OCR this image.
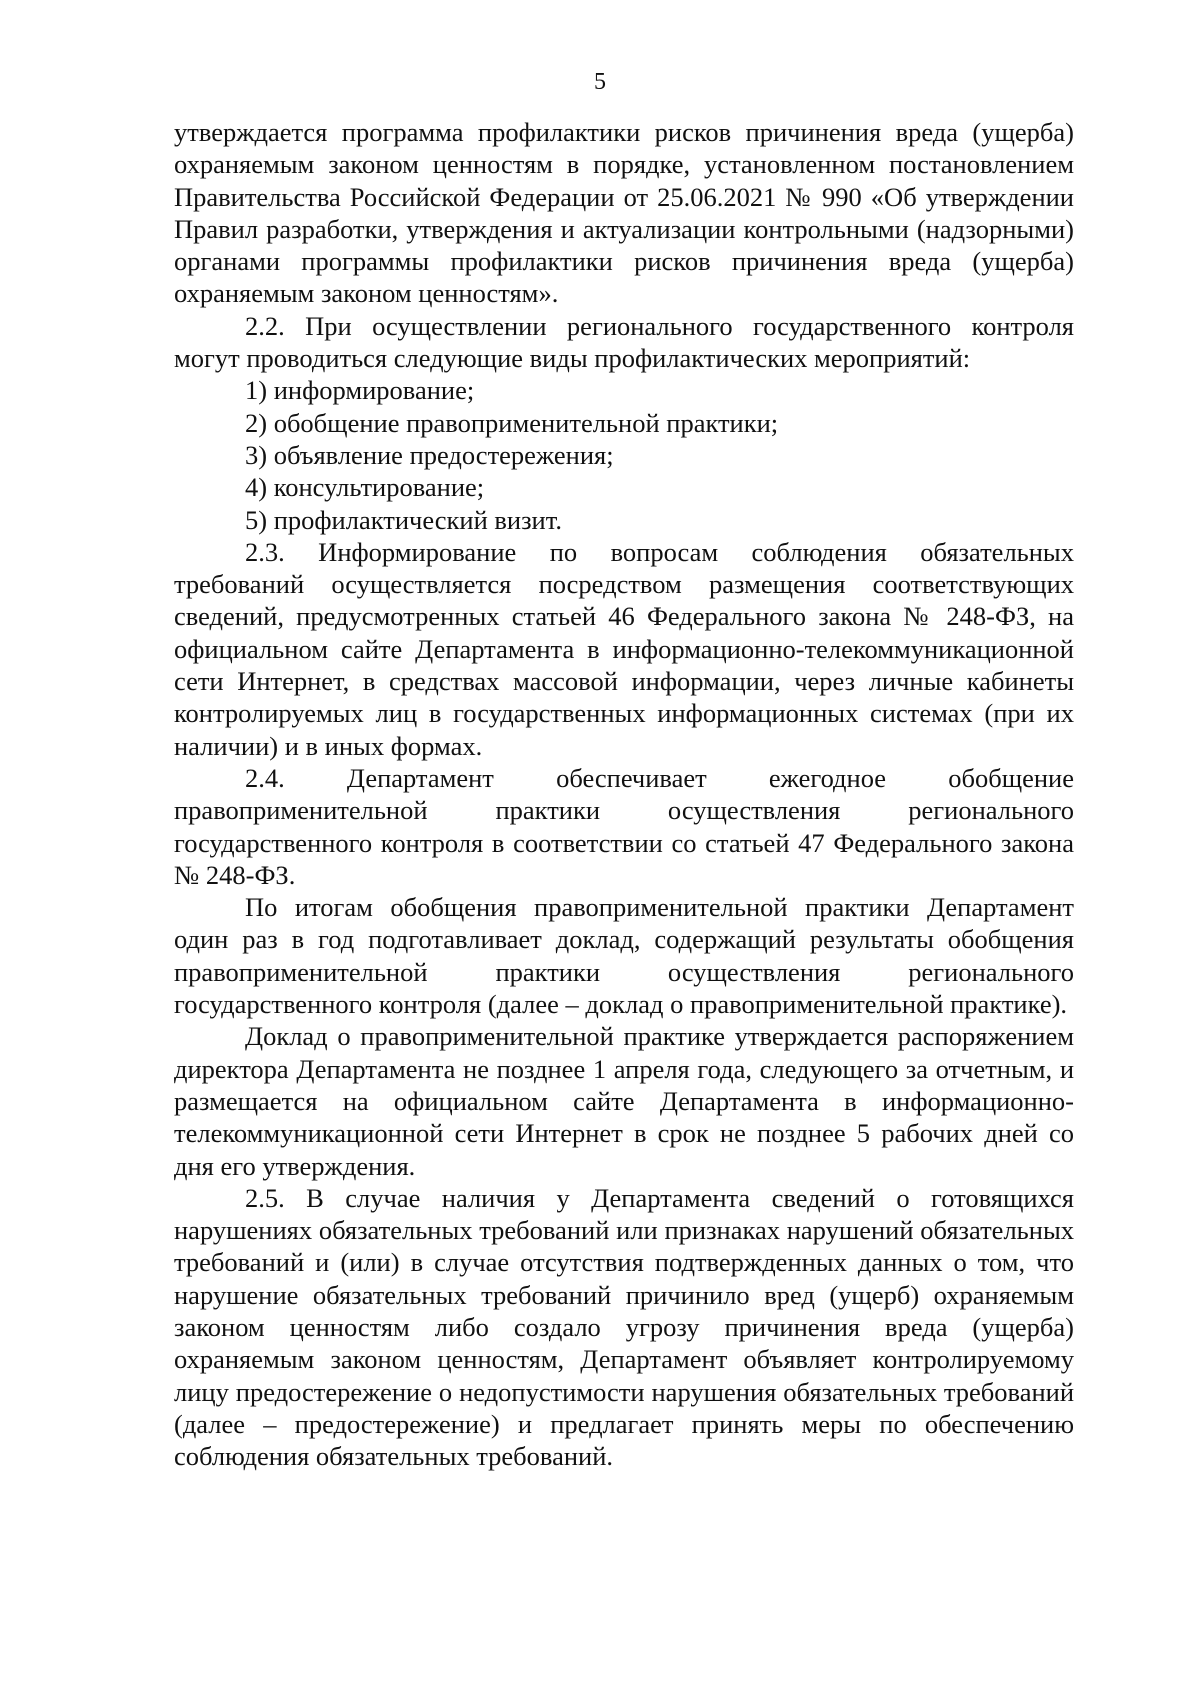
5

утверждается программа профилактики рисков причинения вреда (ущерба) охраняемым законом ценностям в порядке, установленном постановлением Правительства Российской Федерации от 25.06.2021 № 990 «Об утверждении Правил разработки, утверждения и актуализации контрольными (надзорными) органами программы профилактики рисков причинения вреда (ущерба) охраняемым законом ценностям».

2.2. При осуществлении регионального государственного контроля могут проводиться следующие виды профилактических мероприятий:

1) информирование;

2) обобщение правоприменительной практики;

3) объявление предостережения;

4) консультирование;

5) профилактический визит.

2.3. Информирование по вопросам соблюдения обязательных требований осуществляется посредством размещения соответствующих сведений, предусмотренных статьей 46 Федерального закона № 248-ФЗ, на официальном сайте Департамента в информационно-телекоммуникационной сети Интернет, в средствах массовой информации, через личные кабинеты контролируемых лиц в государственных информационных системах (при их наличии) и в иных формах.

2.4. Департамент обеспечивает ежегодное обобщение правоприменительной практики осуществления регионального государственного контроля в соответствии со статьей 47 Федерального закона № 248-ФЗ.

По итогам обобщения правоприменительной практики Департамент один раз в год подготавливает доклад, содержащий результаты обобщения правоприменительной практики осуществления регионального государственного контроля (далее – доклад о правоприменительной практике).

Доклад о правоприменительной практике утверждается распоряжением директора Департамента не позднее 1 апреля года, следующего за отчетным, и размещается на официальном сайте Департамента в информационно-телекоммуникационной сети Интернет в срок не позднее 5 рабочих дней со дня его утверждения.

2.5. В случае наличия у Департамента сведений о готовящихся нарушениях обязательных требований или признаках нарушений обязательных требований и (или) в случае отсутствия подтвержденных данных о том, что нарушение обязательных требований причинило вред (ущерб) охраняемым законом ценностям либо создало угрозу причинения вреда (ущерба) охраняемым законом ценностям, Департамент объявляет контролируемому лицу предостережение о недопустимости нарушения обязательных требований (далее – предостережение) и предлагает принять меры по обеспечению соблюдения обязательных требований.
